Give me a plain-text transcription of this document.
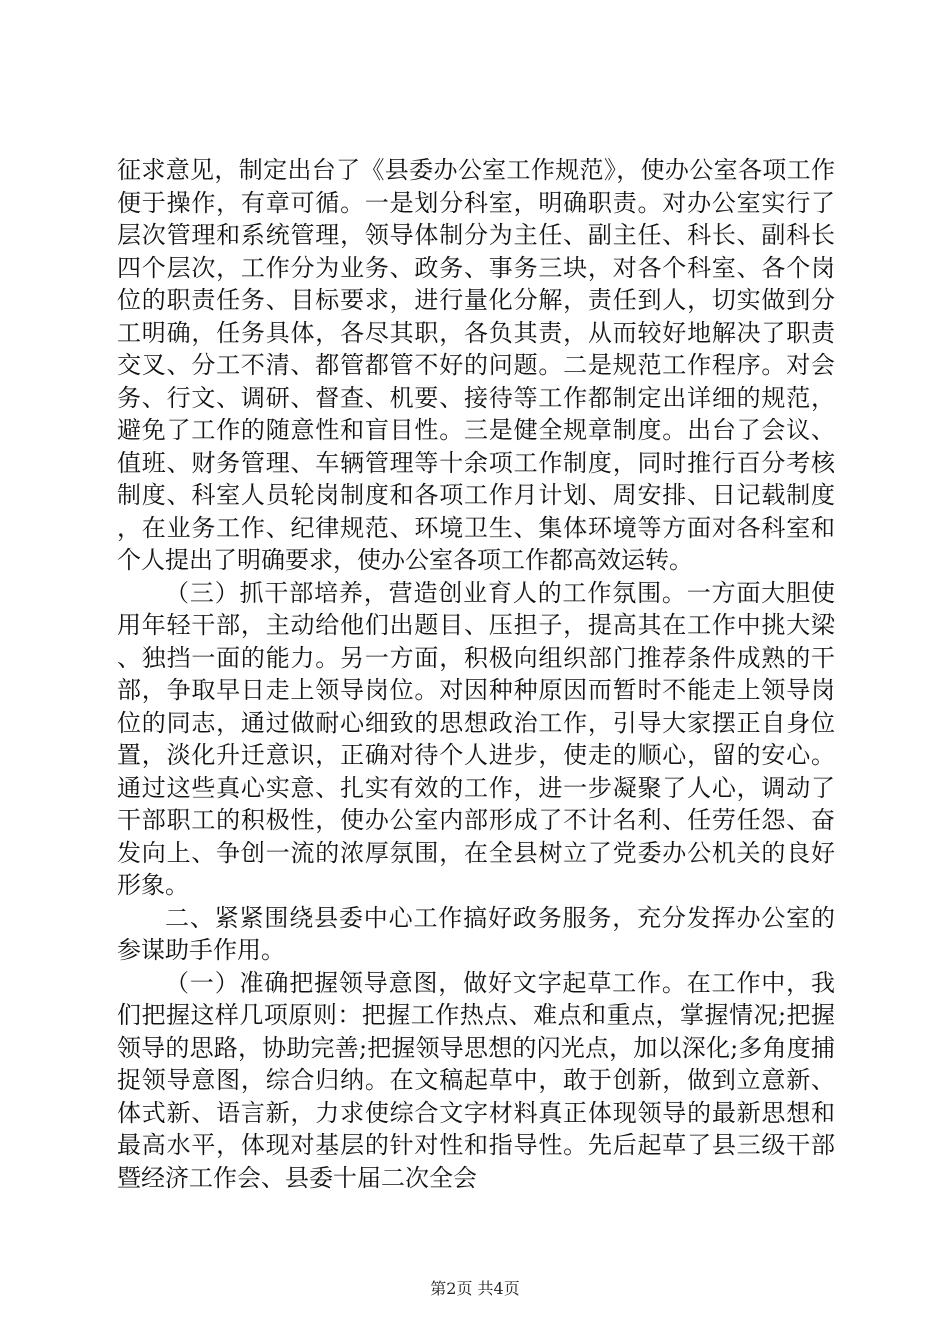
征求意见，制定出台了《县委办公室工作规范》，使办公室各项工作便于操作，有章可循。一是划分科室，明确职责。对办公室实行了层次管理和系统管理，领导体制分为主任、副主任、科长、副科长四个层次，工作分为业务、政务、事务三块，对各个科室、各个岗位的职责任务、目标要求，进行量化分解，责任到人，切实做到分工明确，任务具体，各尽其职，各负其责，从而较好地解决了职责交叉、分工不清、都管都管不好的问题。二是规范工作程序。对会务、行文、调研、督查、机要、接待等工作都制定出详细的规范，避免了工作的随意性和盲目性。三是健全规章制度。出台了会议、值班、财务管理、车辆管理等十余项工作制度，同时推行百分考核制度、科室人员轮岗制度和各项工作月计划、周安排、日记载制度，在业务工作、纪律规范、环境卫生、集体环境等方面对各科室和个人提出了明确要求，使办公室各项工作都高效运转。

（三）抓干部培养，营造创业育人的工作氛围。一方面大胆使用年轻干部，主动给他们出题目、压担子，提高其在工作中挑大梁、独挡一面的能力。另一方面，积极向组织部门推荐条件成熟的干部，争取早日走上领导岗位。对因种种原因而暂时不能走上领导岗位的同志，通过做耐心细致的思想政治工作，引导大家摆正自身位置，淡化升迁意识，正确对待个人进步，使走的顺心，留的安心。通过这些真心实意、扎实有效的工作，进一步凝聚了人心，调动了干部职工的积极性，使办公室内部形成了不计名利、任劳任怨、奋发向上、争创一流的浓厚氛围，在全县树立了党委办公机关的良好形象。

二、紧紧围绕县委中心工作搞好政务服务，充分发挥办公室的参谋助手作用。

（一）准确把握领导意图，做好文字起草工作。在工作中，我们把握这样几项原则：把握工作热点、难点和重点，掌握情况;把握领导的思路，协助完善;把握领导思想的闪光点，加以深化;多角度捕捉领导意图，综合归纳。在文稿起草中，敢于创新，做到立意新、体式新、语言新，力求使综合文字材料真正体现领导的最新思想和最高水平，体现对基层的针对性和指导性。先后起草了县三级干部暨经济工作会、县委十届二次全会

第2页 共4页
